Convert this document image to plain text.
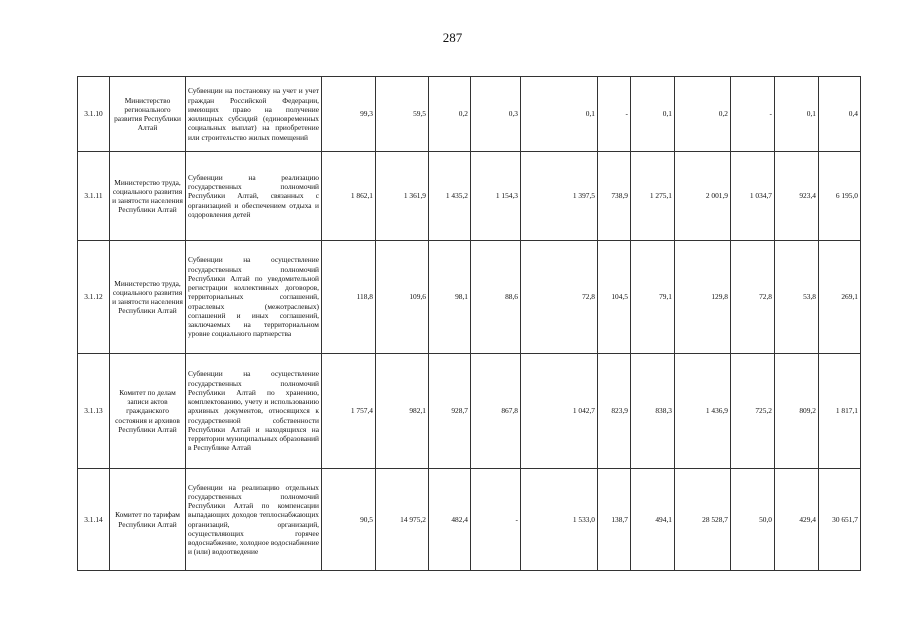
287
3.1.10	Министерство регионального развития Республики Алтай	Субвенции на постановку на учет и учет граждан Российской Федерации, имеющих право на получение жилищных субсидий (единовременных социальных выплат) на приобретение или строительство жилых помещений	99,3	59,5	0,2	0,3	0,1	-	0,1	0,2	-	0,1	0,4
3.1.11	Министерство труда, социального развития и занятости населения Республики Алтай	Субвенции на реализацию государственных полномочий Республики Алтай, связанных с организацией и обеспечением отдыха и оздоровления детей	1 862,1	1 361,9	1 435,2	1 154,3	1 397,5	738,9	1 275,1	2 001,9	1 034,7	923,4	6 195,0
3.1.12	Министерство труда, социального развития и занятости населения Республики Алтай	Субвенции на осуществление государственных полномочий Республики Алтай по уведомительной регистрации коллективных договоров, территориальных соглашений, отраслевых (межотраслевых) соглашений и иных соглашений, заключаемых на территориальном уровне социального партнерства	118,8	109,6	98,1	88,6	72,8	104,5	79,1	129,8	72,8	53,8	269,1
3.1.13	Комитет по делам записи актов гражданского состояния и архивов Республики Алтай	Субвенции на осуществление государственных полномочий Республики Алтай по хранению, комплектованию, учету и использованию архивных документов, относящихся к государственной собственности Республики Алтай и находящихся на территории муниципальных образований в Республике Алтай	1 757,4	982,1	928,7	867,8	1 042,7	823,9	838,3	1 436,9	725,2	809,2	1 817,1
3.1.14	Комитет по тарифам Республики Алтай	Субвенции на реализацию отдельных государственных полномочий Республики Алтай по компенсации выпадающих доходов теплоснабжающих организаций, организаций, осуществляющих горячее водоснабжение, холодное водоснабжение и (или) водоотведение	90,5	14 975,2	482,4	-	1 533,0	138,7	494,1	28 528,7	50,0	429,4	30 651,7
